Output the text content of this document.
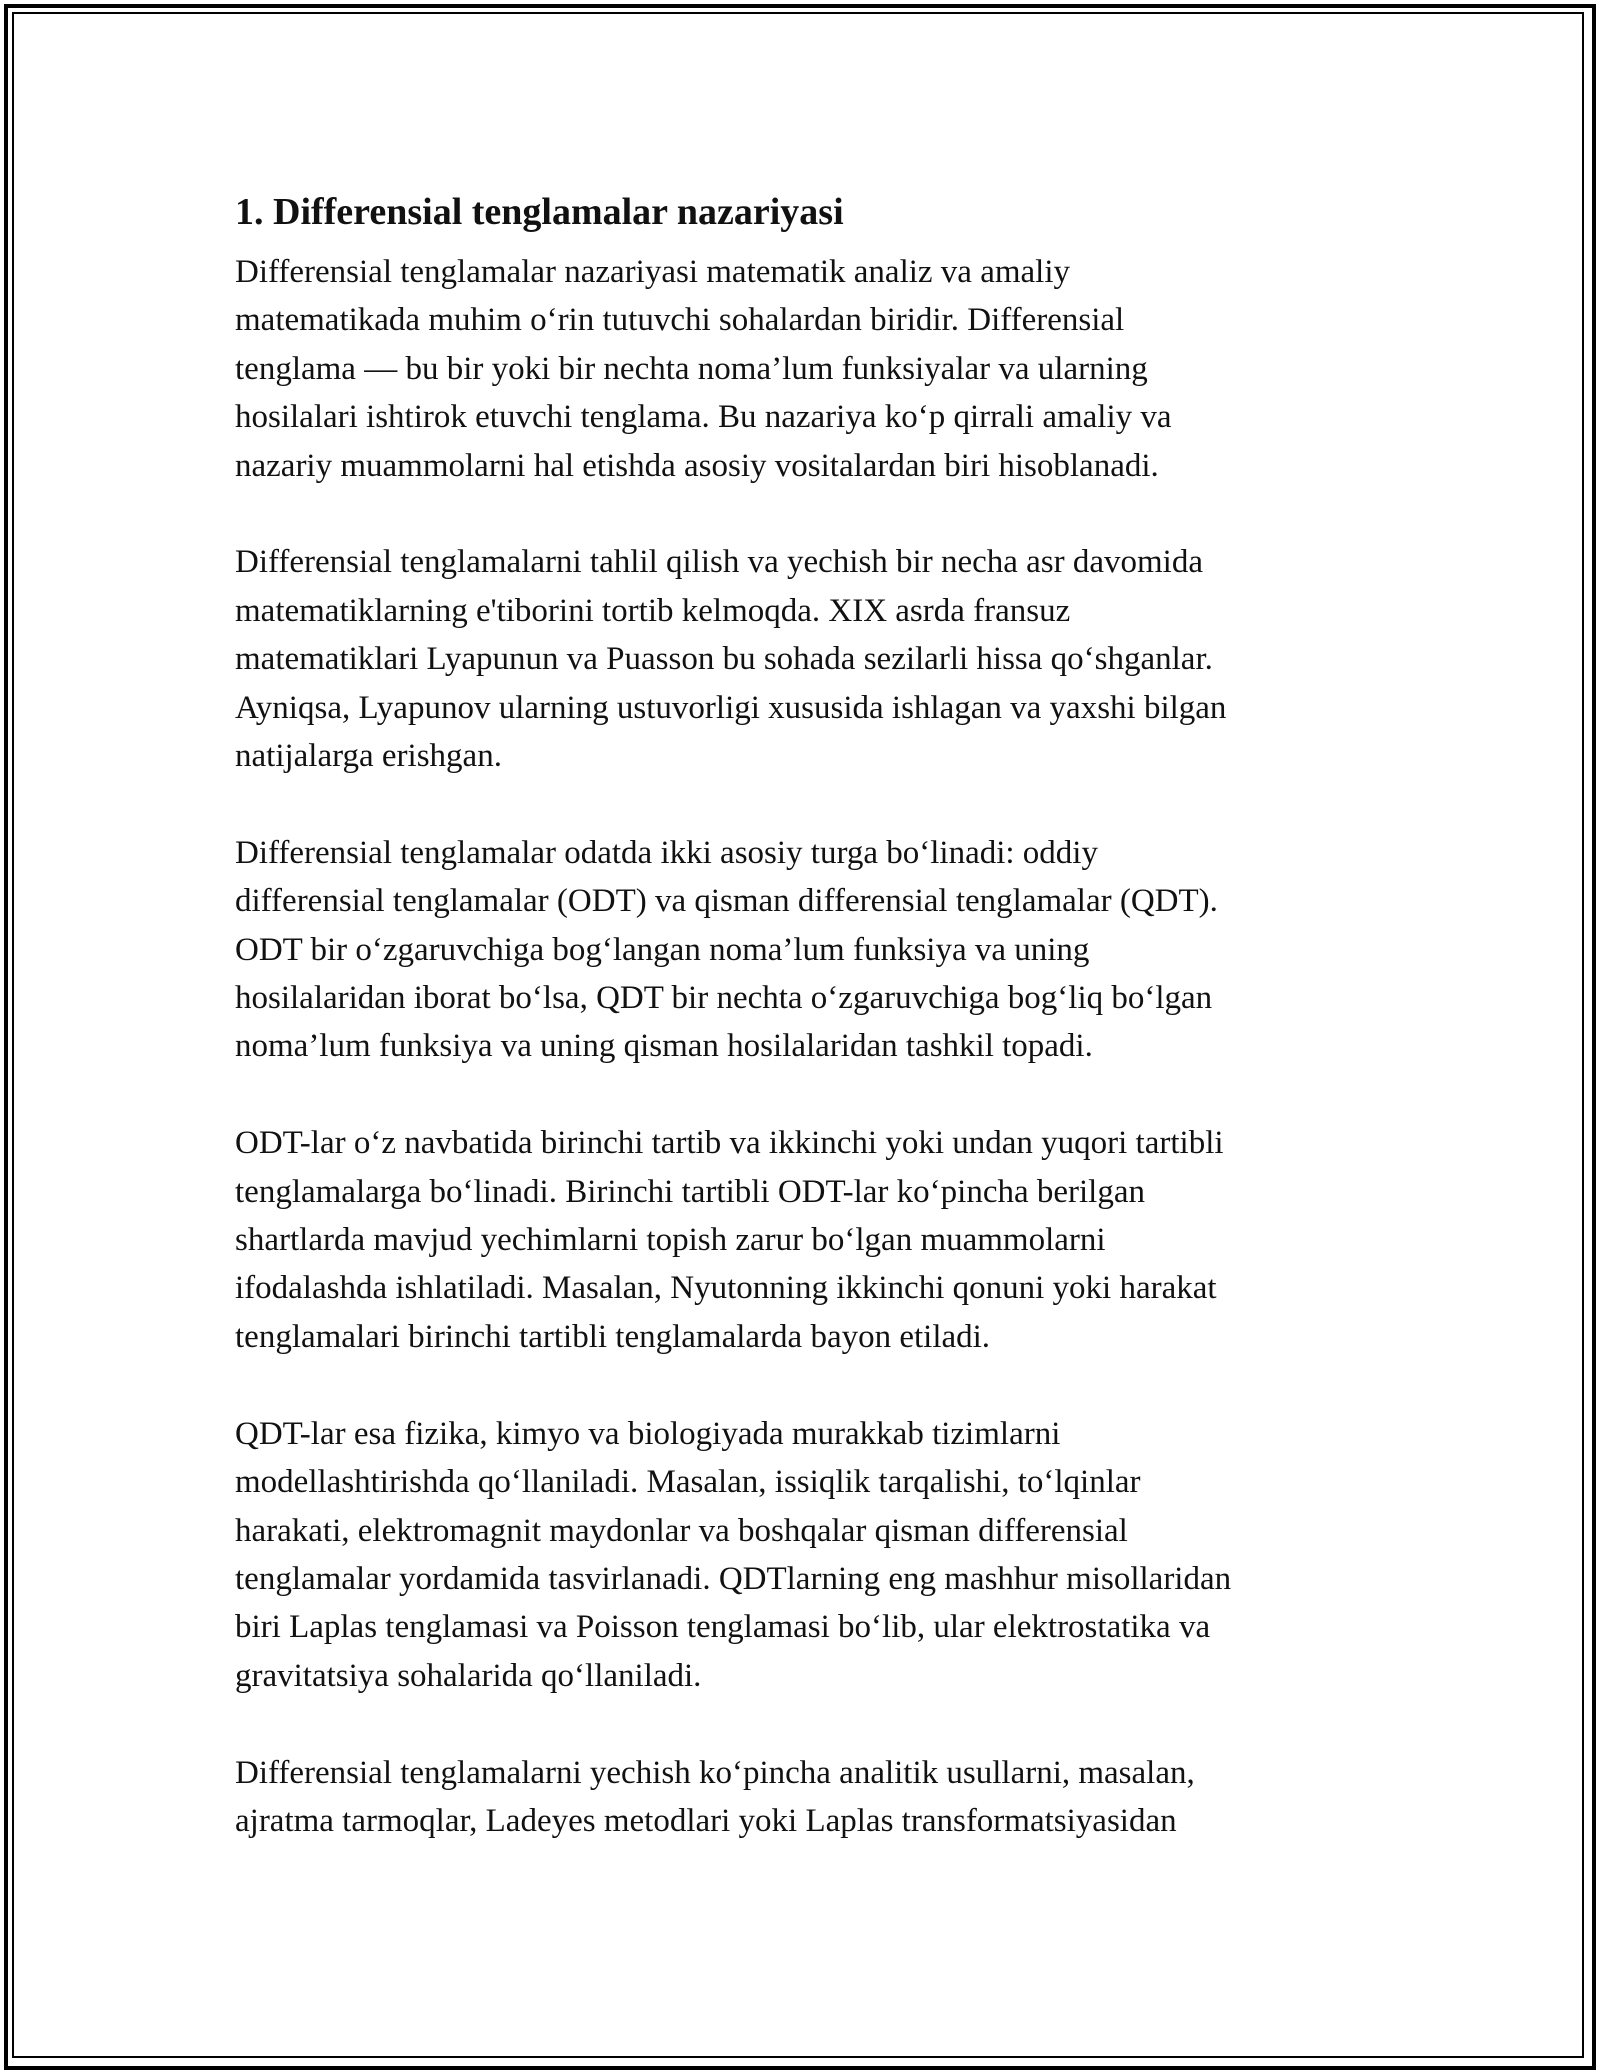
1. Differensial tenglamalar nazariyasi

Differensial tenglamalar nazariyasi matematik analiz va amaliy
matematikada muhim o‘rin tutuvchi sohalardan biridir. Differensial
tenglama — bu bir yoki bir nechta noma’lum funksiyalar va ularning
hosilalari ishtirok etuvchi tenglama. Bu nazariya ko‘p qirrali amaliy va
nazariy muammolarni hal etishda asosiy vositalardan biri hisoblanadi.

Differensial tenglamalarni tahlil qilish va yechish bir necha asr davomida
matematiklarning e'tiborini tortib kelmoqda. XIX asrda fransuz
matematiklari Lyapunun va Puasson bu sohada sezilarli hissa qo‘shganlar.
Ayniqsa, Lyapunov ularning ustuvorligi xususida ishlagan va yaxshi bilgan
natijalarga erishgan.

Differensial tenglamalar odatda ikki asosiy turga bo‘linadi: oddiy
differensial tenglamalar (ODT) va qisman differensial tenglamalar (QDT).
ODT bir o‘zgaruvchiga bog‘langan noma’lum funksiya va uning
hosilalaridan iborat bo‘lsa, QDT bir nechta o‘zgaruvchiga bog‘liq bo‘lgan
noma’lum funksiya va uning qisman hosilalaridan tashkil topadi.

ODT-lar o‘z navbatida birinchi tartib va ikkinchi yoki undan yuqori tartibli
tenglamalarga bo‘linadi. Birinchi tartibli ODT-lar ko‘pincha berilgan
shartlarda mavjud yechimlarni topish zarur bo‘lgan muammolarni
ifodalashda ishlatiladi. Masalan, Nyutonning ikkinchi qonuni yoki harakat
tenglamalari birinchi tartibli tenglamalarda bayon etiladi.

QDT-lar esa fizika, kimyo va biologiyada murakkab tizimlarni
modellashtirishda qo‘llaniladi. Masalan, issiqlik tarqalishi, to‘lqinlar
harakati, elektromagnit maydonlar va boshqalar qisman differensial
tenglamalar yordamida tasvirlanadi. QDTlarning eng mashhur misollaridan
biri Laplas tenglamasi va Poisson tenglamasi bo‘lib, ular elektrostatika va
gravitatsiya sohalarida qo‘llaniladi.

Differensial tenglamalarni yechish ko‘pincha analitik usullarni, masalan,
ajratma tarmoqlar, Ladeyes metodlari yoki Laplas transformatsiyasidan
